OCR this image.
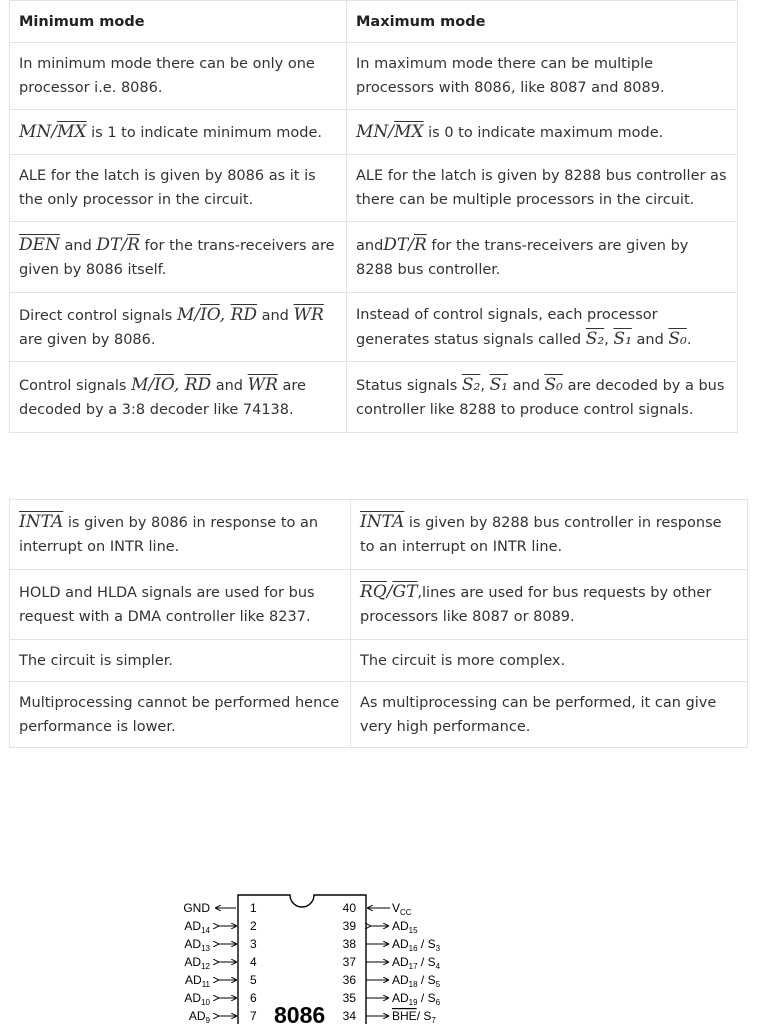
Minimum mode	Maximum mode
In minimum mode there can be only one processor i.e. 8086.	In maximum mode there can be multiple processors with 8086, like 8087 and 8089.
$MN/\overline{MX}$ is 1 to indicate minimum mode.	$MN/\overline{MX}$ is 0 to indicate maximum mode.
ALE for the latch is given by 8086 as it is the only processor in the circuit.	ALE for the latch is given by 8288 bus controller as there can be multiple processors in the circuit.
$\overline{DEN}$ and $DT/\overline{R}$ for the trans-receivers are given by 8086 itself.	andDT/$\overline{R}$ for the trans-receivers are given by 8288 bus controller.
Direct control signals $M/\overline{IO}$, $\overline{RD}$ and $\overline{WR}$ are given by 8086.	Instead of control signals, each processor generates status signals called S₂, S₁ and S₀.
Control signals $M/\overline{IO}$, $\overline{RD}$ and $\overline{WR}$ are decoded by a 3:8 decoder like 74138.	Status signals S₂, S₁ and S₀ are decoded by a bus controller like 8288 to produce control signals.
INTA is given by 8086 in response to an interrupt on INTR line.	INTA is given by 8288 bus controller in response to an interrupt on INTR line.
HOLD and HLDA signals are used for bus request with a DMA controller like 8237.	$\overline{RQ}/\overline{GT},lines$ are used for bus requests by other processors like 8087 or 8089.
The circuit is simpler.	The circuit is more complex.
Multiprocessing cannot be performed hence performance is lower.	As multiprocessing can be performed, it can give very high performance.
8086
GND	1
$AD_{14}$	2
$AD_{13}$	3
$AD_{12}$	4
$AD_{11}$	5
$AD_{10}$	6
$AD_9$	7
40	$V_{CC}$
39	$AD_{15}$
38	$AD_{16} / S_3$
37	$AD_{17} / S_4$
36	$AD_{18} / S_5$
35	$AD_{19} / S_6$
34	BHE/ $S_7$
